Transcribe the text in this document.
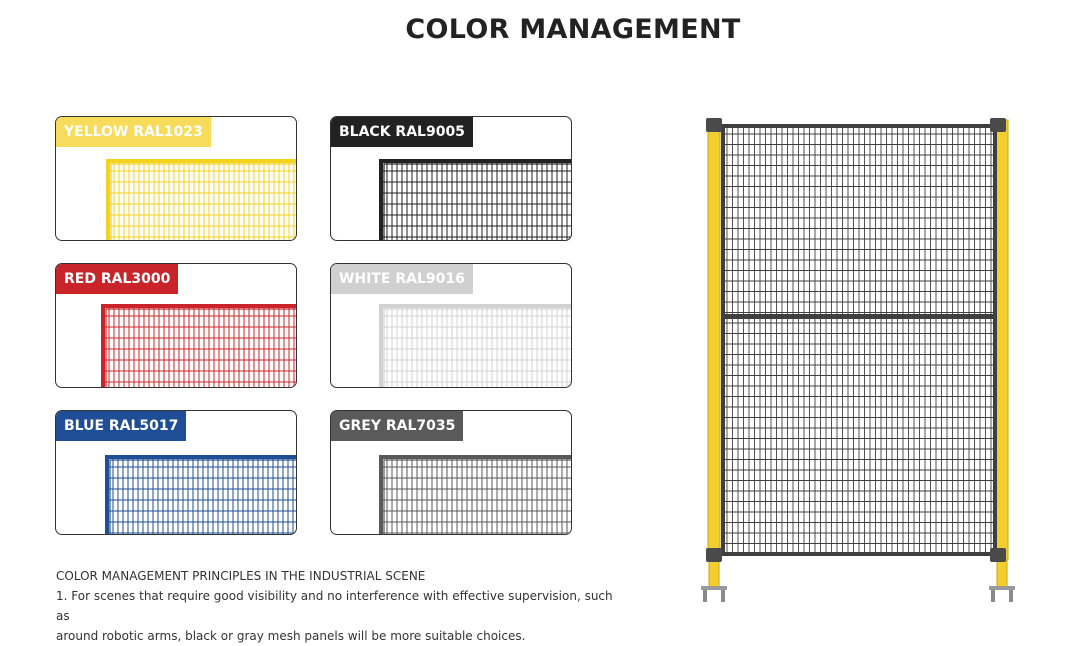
COLOR MANAGEMENT
YELLOW RAL1023	BLACK RAL9005
RED RAL3000	WHITE RAL9016
BLUE RAL5017	GREY RAL7035

COLOR MANAGEMENT PRINCIPLES IN THE INDUSTRIAL SCENE

1. For scenes that require good visibility and no interference with effective supervision, such as

around robotic arms, black or gray mesh panels will be more suitable choices.
